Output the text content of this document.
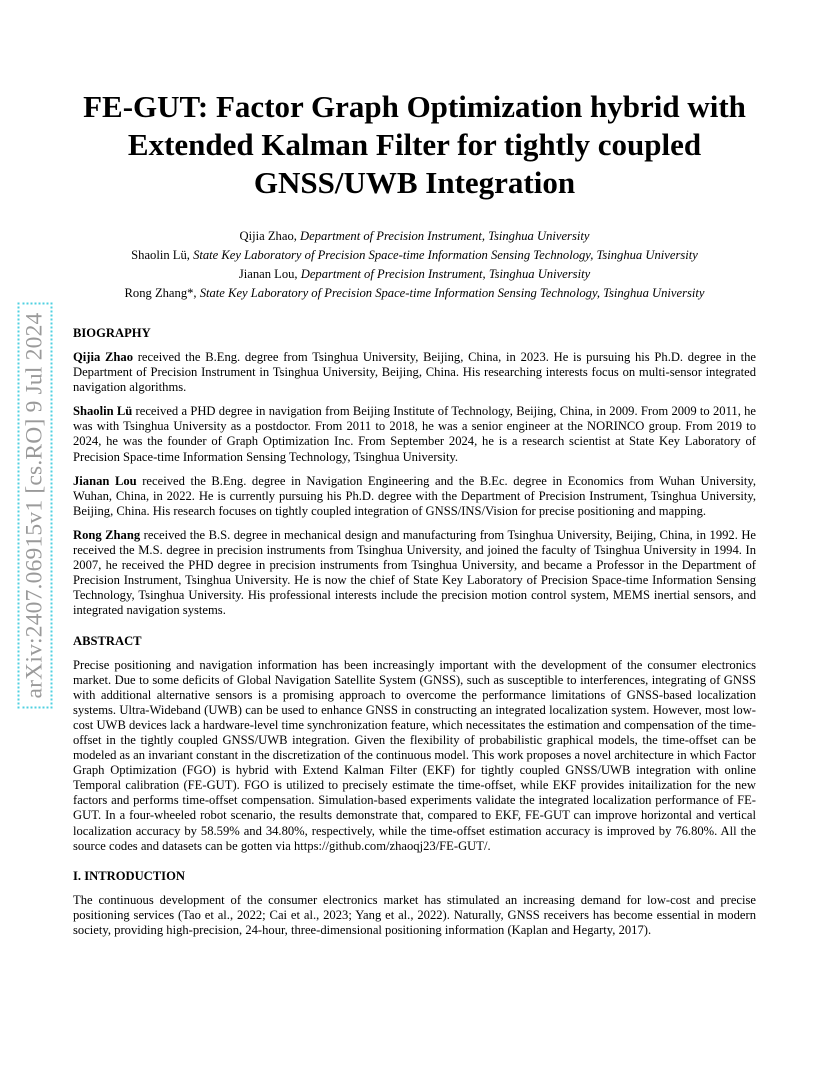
arXiv:2407.06915v1 [cs.RO] 9 Jul 2024
FE-GUT: Factor Graph Optimization hybrid with Extended Kalman Filter for tightly coupled GNSS/UWB Integration
Qijia Zhao, Department of Precision Instrument, Tsinghua University
Shaolin Lü, State Key Laboratory of Precision Space-time Information Sensing Technology, Tsinghua University
Jianan Lou, Department of Precision Instrument, Tsinghua University
Rong Zhang*, State Key Laboratory of Precision Space-time Information Sensing Technology, Tsinghua University
BIOGRAPHY

Qijia Zhao received the B.Eng. degree from Tsinghua University, Beijing, China, in 2023. He is pursuing his Ph.D. degree in the Department of Precision Instrument in Tsinghua University, Beijing, China. His researching interests focus on multi-sensor integrated navigation algorithms.

Shaolin Lü received a PHD degree in navigation from Beijing Institute of Technology, Beijing, China, in 2009. From 2009 to 2011, he was with Tsinghua University as a postdoctor. From 2011 to 2018, he was a senior engineer at the NORINCO group. From 2019 to 2024, he was the founder of Graph Optimization Inc. From September 2024, he is a research scientist at State Key Laboratory of Precision Space-time Information Sensing Technology, Tsinghua University.

Jianan Lou received the B.Eng. degree in Navigation Engineering and the B.Ec. degree in Economics from Wuhan University, Wuhan, China, in 2022. He is currently pursuing his Ph.D. degree with the Department of Precision Instrument, Tsinghua University, Beijing, China. His research focuses on tightly coupled integration of GNSS/INS/Vision for precise positioning and mapping.

Rong Zhang received the B.S. degree in mechanical design and manufacturing from Tsinghua University, Beijing, China, in 1992. He received the M.S. degree in precision instruments from Tsinghua University, and joined the faculty of Tsinghua University in 1994. In 2007, he received the PHD degree in precision instruments from Tsinghua University, and became a Professor in the Department of Precision Instrument, Tsinghua University. He is now the chief of State Key Laboratory of Precision Space-time Information Sensing Technology, Tsinghua University. His professional interests include the precision motion control system, MEMS inertial sensors, and integrated navigation systems.

ABSTRACT

Precise positioning and navigation information has been increasingly important with the development of the consumer electronics market. Due to some deficits of Global Navigation Satellite System (GNSS), such as susceptible to interferences, integrating of GNSS with additional alternative sensors is a promising approach to overcome the performance limitations of GNSS-based localization systems. Ultra-Wideband (UWB) can be used to enhance GNSS in constructing an integrated localization system. However, most low-cost UWB devices lack a hardware-level time synchronization feature, which necessitates the estimation and compensation of the time-offset in the tightly coupled GNSS/UWB integration. Given the flexibility of probabilistic graphical models, the time-offset can be modeled as an invariant constant in the discretization of the continuous model. This work proposes a novel architecture in which Factor Graph Optimization (FGO) is hybrid with Extend Kalman Filter (EKF) for tightly coupled GNSS/UWB integration with online Temporal calibration (FE-GUT). FGO is utilized to precisely estimate the time-offset, while EKF provides initailization for the new factors and performs time-offset compensation. Simulation-based experiments validate the integrated localization performance of FE-GUT. In a four-wheeled robot scenario, the results demonstrate that, compared to EKF, FE-GUT can improve horizontal and vertical localization accuracy by 58.59% and 34.80%, respectively, while the time-offset estimation accuracy is improved by 76.80%. All the source codes and datasets can be gotten via https://github.com/zhaoqj23/FE-GUT/.

I. INTRODUCTION

The continuous development of the consumer electronics market has stimulated an increasing demand for low-cost and precise positioning services (Tao et al., 2022; Cai et al., 2023; Yang et al., 2022). Naturally, GNSS receivers has become essential in modern society, providing high-precision, 24-hour, three-dimensional positioning information (Kaplan and Hegarty, 2017).
